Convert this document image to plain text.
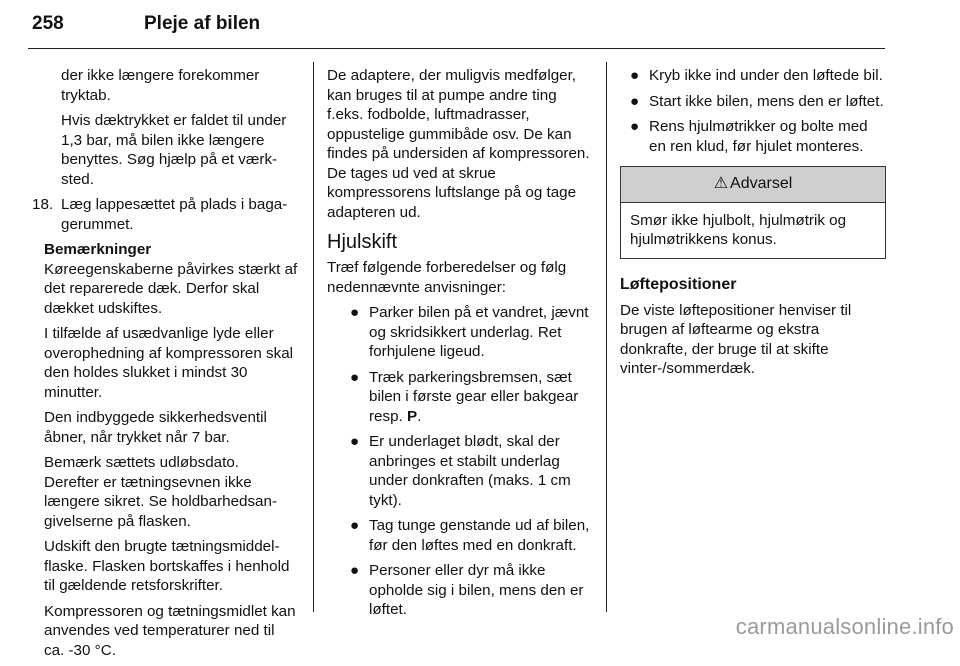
258	Pleje af bilen

der ikke længere forekommer tryktab.

Hvis dæktrykket er faldet til under 1,3 bar, må bilen ikke længere benyttes. Søg hjælp på et værksted.

18. Læg lappesættet på plads i bagagerummet.
Bemærkninger

Køreegenskaberne påvirkes stærkt af det reparerede dæk. Derfor skal dækket udskiftes.

I tilfælde af usædvanlige lyde eller overophedning af kompressoren skal den holdes slukket i mindst 30 minutter.

Den indbyggede sikkerhedsventil åbner, når trykket når 7 bar.

Bemærk sættets udløbsdato. Derefter er tætningsevnen ikke længere sikret. Se holdbarhedsangivelserne på flasken.

Udskift den brugte tætningsmiddelflaske. Flasken bortskaffes i henhold til gældende retsforskrifter.

Kompressoren og tætningsmidlet kan anvendes ved temperaturer ned til ca. -30 °C.

De adaptere, der muligvis medfølger, kan bruges til at pumpe andre ting f.eks. fodbolde, luftmadrasser, oppustelige gummibåde osv. De kan findes på undersiden af kompressoren. De tages ud ved at skrue kompressorens luftslange på og tage adapteren ud.

Hjulskift

Træf følgende forberedelser og følg nedennævnte anvisninger:

● Parker bilen på et vandret, jævnt og skridsikkert underlag. Ret forhjulene ligeud.
● Træk parkeringsbremsen, sæt bilen i første gear eller bakgear resp. P.
● Er underlaget blødt, skal der anbringes et stabilt underlag under donkraften (maks. 1 cm tykt).
● Tag tunge genstande ud af bilen, før den løftes med en donkraft.
● Personer eller dyr må ikke opholde sig i bilen, mens den er løftet.
● Kryb ikke ind under den løftede bil.
● Start ikke bilen, mens den er løftet.
● Rens hjulmøtrikker og bolte med en ren klud, før hjulet monteres.
⚠ Advarsel
Smør ikke hjulbolt, hjulmøtrik og hjulmøtrikkens konus.
Løftepositioner

De viste løftepositioner henviser til brugen af løftearme og ekstra donkrafte, der bruge til at skifte vinter-/sommerdæk.

carmanualsonline.info
